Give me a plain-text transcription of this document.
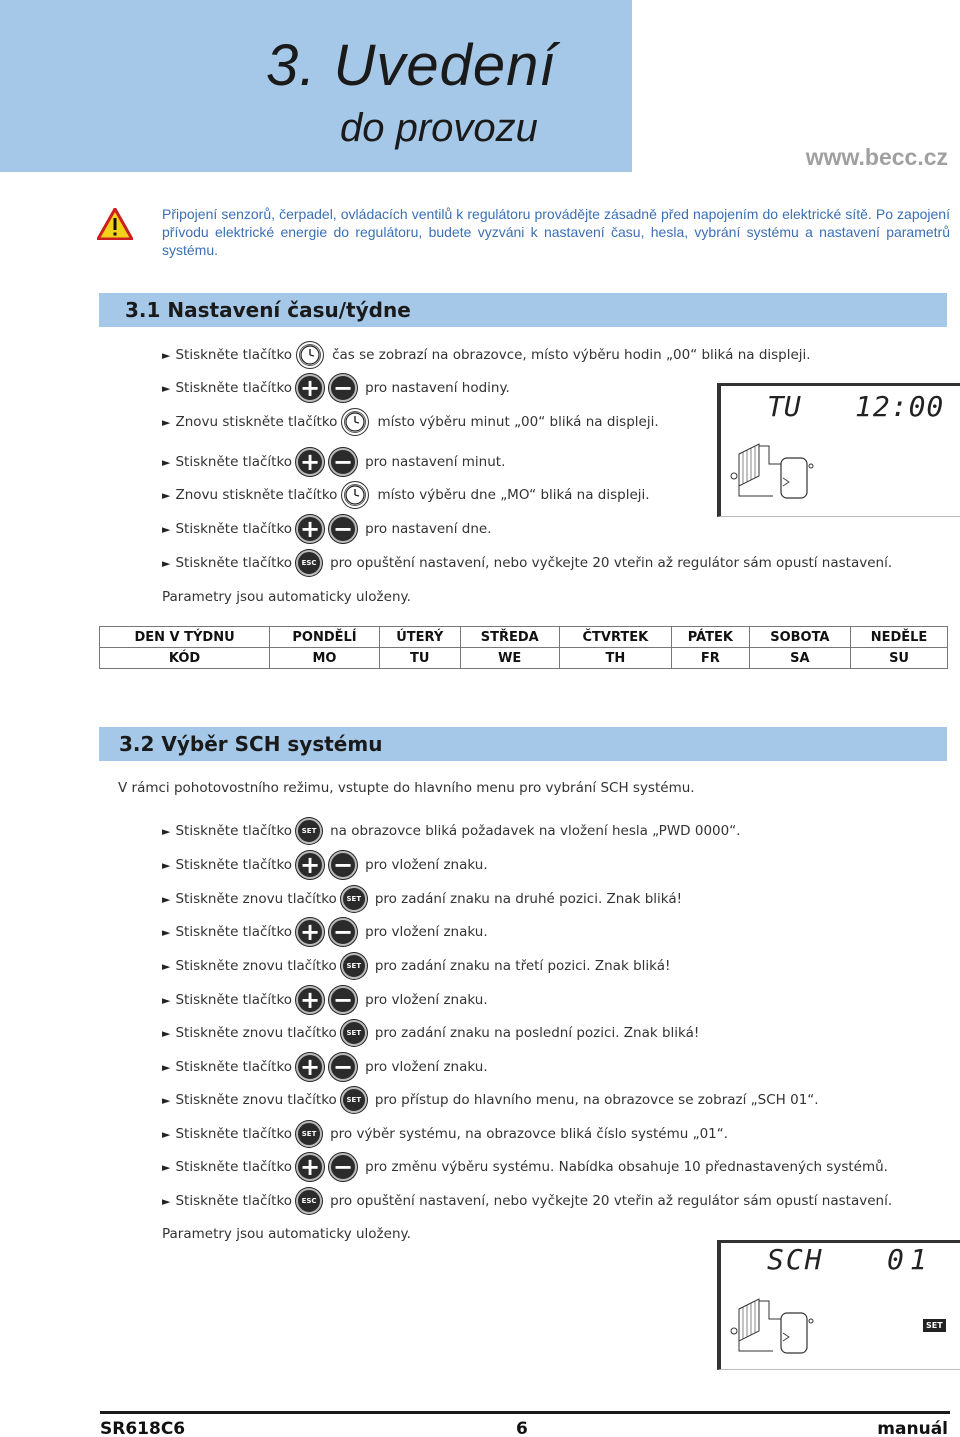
3. Uvedení
do provozu
www.becc.cz
Připojení senzorů, čerpadel, ovládacích ventilů k regulátoru provádějte zásadně před napojením do elektrické sítě. Po zapojení přívodu elektrické energie do regulátoru, budete vyzváni k nastavení času, hesla, vybrání systému a nastavení parametrů systému.
3.1 Nastavení času/týdne
► Stiskněte tlačítko	čas se zobrazí na obrazovce, místo výběru hodin „00“ bliká na displeji.
► Stiskněte tlačítko + − pro nastavení hodiny.
► Znovu stiskněte tlačítko	místo výběru minut „00“ bliká na displeji.
► Stiskněte tlačítko + − pro nastavení minut.
► Znovu stiskněte tlačítko	místo výběru dne „MO“ bliká na displeji.
► Stiskněte tlačítko + − pro nastavení dne.
► Stiskněte tlačítko	ESC	pro opuštění nastavení, nebo vyčkejte 20 vteřin až regulátor sám opustí nastavení.
Parametry jsou automaticky uloženy.
TU 12:00
DEN V TÝDNU	PONDĚLÍ	ÚTERÝ	STŘEDA	ČTVRTEK	PÁTEK	SOBOTA	NEDĚLE
KÓD	MO	TU	WE	TH	FR	SA	SU
3.2 Výběr SCH systému
V rámci pohotovostního režimu, vstupte do hlavního menu pro vybrání SCH systému.
► Stiskněte tlačítko	SET	na obrazovce bliká požadavek na vložení hesla „PWD 0000“.
► Stiskněte tlačítko + − pro vložení znaku.
► Stiskněte znovu tlačítko	SET	pro zadání znaku na druhé pozici. Znak bliká!
► Stiskněte tlačítko + − pro vložení znaku.
► Stiskněte znovu tlačítko	SET	pro zadání znaku na třetí pozici. Znak bliká!
► Stiskněte tlačítko + − pro vložení znaku.
► Stiskněte znovu tlačítko	SET	pro zadání znaku na poslední pozici. Znak bliká!
► Stiskněte tlačítko + − pro vložení znaku.
► Stiskněte znovu tlačítko	SET	pro přístup do hlavního menu, na obrazovce se zobrazí „SCH 01“.
► Stiskněte tlačítko	SET	pro výběr systému, na obrazovce bliká číslo systému „01“.
► Stiskněte tlačítko + − pro změnu výběru systému. Nabídka obsahuje 10 přednastavených systémů.
► Stiskněte tlačítko	ESC	pro opuštění nastavení, nebo vyčkejte 20 vteřin až regulátor sám opustí nastavení.
Parametry jsou automaticky uloženy.
SCH 01
SET
SR618C6	6	manuál
